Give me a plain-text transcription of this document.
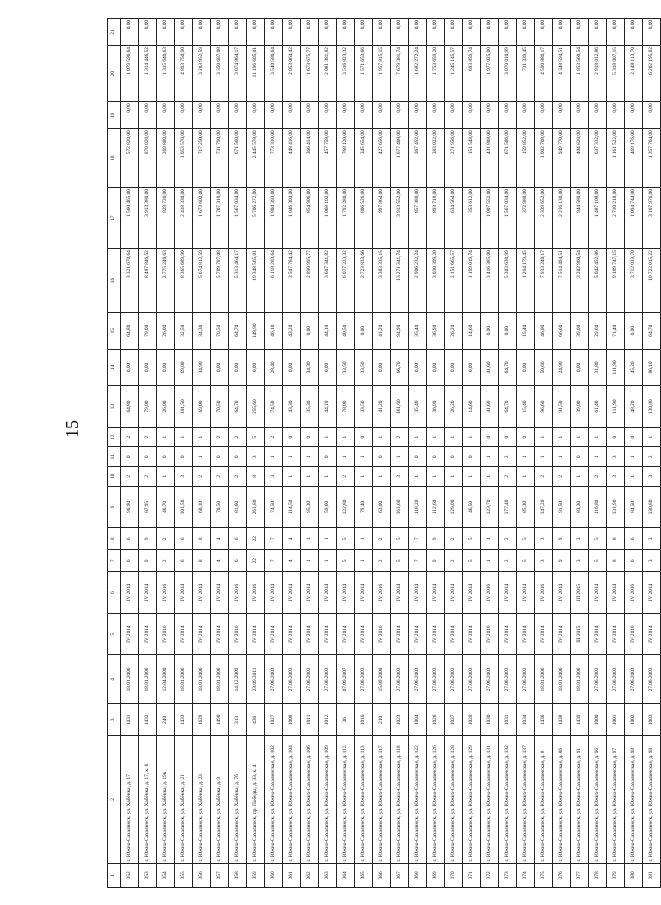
15
1	2	3	4	5	6	7	8	9	10	11	12	13	14	15	16	17	18	19	20	21
352	г. Южно-Сахалинск, ул. Хабёнка, д. 17	1431	18.01.2006	IV 2014	IV 2014	6	6	96,90	2	0	2	64,80	0,00	64,80	3 321 670,64	1 560 465,00	572 820,00	0,00	1 079 596,64	0,00
353	г. Южно-Сахалинск, ул. Хабёнка, д. 17, к. 6	1432	18.01.2006	IV 2014	IV 2014	9	9	87,95	2	0	2	79,00	0,00	79,00	8 487 846,52	3 913 380,00	870 020,00	0,00	1 314 446,52	0,00
354	г. Южно-Сахалинск, ул. Хабёнка, д. 19в	240	12.04.2000	IV 2016	IV 2016	2	2	46,70	1	0	1	26,00	0,00	26,00	2 775 240,63	829 720,00	269 880,00	0,00	1 315 640,63	0,00
355	г. Южно-Сахалинск, ул. Хабёнка, д. 21	1433	18.01.2006	IV 2014	IV 2014	6	6	101,50	3	0	1	101,50	69,00	32,50	8 365 689,90	2 418 330,00	1 053 570,00	0,00	4 893 750,90	0,00
356	г. Южно-Сахалинск, ул. Хабёнка, д. 23	1629	18.01.2006	IV 2014	IV 2014	8	8	60,10	2	1	1	69,00	34,90	34,30	5 674 812,59	1 673 602,00	717 250,00	0,00	3 283 952,59	0,00
357	г. Южно-Сахалинск, ул. Хабёнка, д. 9	1490	18.01.2006	IV 2014	IV 2014	4	4	70,50	2	0	2	70,50	0,00	70,50	5 789 787,08	1 707 310,00	731 790,00	0,00	3 350 687,08	0,00
358	г. Южно-Сахалинск, ул. Хабёнка, д. 7б	313	14.12.2009	IV 2016	IV 2016	6	6	81,60	2	0	2	64,70	0,00	64,70	5 313 464,17	1 567 034,00	671 560,00	0,00	3 074 864,17	0,00
359	г. Южно-Сахалинск, пр. Победы, д. 33, к. 4	436	23.09.2011	IV 2014	IV 2016	22	22	261,80	8	3	5	255,60	0,00	149,90	19 348 565,01	5 706 272,00	2 445 578,00	0,00	11 196 605,01	0,00
360	г. Южно-Сахалинск, ул. Южно-Сахалинская, д. 102	1027	27.06.2003	IV 2014	IV 2014	7	7	74,50	3	1	2	74,50	28,40	46,10	6 118 283,64	1 804 393,00	773 310,00	0,00	3 540 580,64	0,00
361	г. Южно-Сахалинск, ул. Южно-Сахалинская, д. 104	1008	27.06.2003	IV 2014	IV 2014	4	4	114,50	1	1	0	43,30	0,00	43,20	3 547 784,42	1 046 304,00	448 416,00	0,00	2 053 064,42	0,00
362	г. Южно-Сахалинск, ул. Южно-Сахалинская, д. 106	1011	27.06.2003	IV 2014	IV 2014	1	1	95,30	1	1	0	35,30	34,30	0,00	2 890 995,77	854 906,00	366 414,00	0,00	1 673 675,77	0,00
363	г. Южно-Сахалинск, ул. Южно-Сахалинская, д. 109	1012	27.06.2003	IV 2014	IV 2014	1	1	59,60	1	0	1	44,10	0,00	44,10	3 607 341,82	1 068 102,00	457 758,00	0,00	2 081 381,82	0,00
364	г. Южно-Сахалинск, ул. Южно-Сахалинская, д. 112	36	07.09.2007	IV 2014	IV 2014	5	5	122,80	2	1	1	78,00	33,50	40,50	6 077 223,32	1 792 280,00	768 120,00	0,00	3 516 823,32	0,00
365	г. Южно-Сахалинск, ул. Южно-Сахалинская, д. 113	1016	27.06.2003	IV 2014	IV 2014	1	1	79,40	1	1	0	33,50	33,50	0,00	2 723 833,66	806 526,00	345 654,00	0,00	1 571 653,66	0,00
366	г. Южно-Сахалинск, ул. Южно-Сахалинская, д. 117	210	15.09.2008	IV 2016	IV 2016	2	2	63,00	1	0	1	41,20	0,00	41,20	3 383 335,15	997 864,00	427 656,00	0,00	1 957 815,15	0,00
367	г. Южно-Сахалинск, ул. Южно-Сахалинская, д. 118	1023	27.06.2003	IV 2014	IV 2014	5	5	161,60	3	1	2	161,60	66,70	94,90	13 271 341,74	3 913 552,00	1 677 408,00	0,00	7 679 381,74	0,00
368	г. Южно-Сахалинск, ул. Южно-Сахалинская, д. 122	1004	27.06.2003	IV 2014	IV 2014	7	7	118,20	1	0	1	35,40	0,00	35,40	2 906 232,24	857 388,00	367 452,00	0,00	1 682 272,24	0,00
369	г. Южно-Сахалинск, ул. Южно-Сахалинская, д. 126	1026	27.06.2003	IV 2014	IV 2014	9	9	112,60	1	0	1	36,90	0,00	36,90	3 030 399,20	893 718,00	383 022,00	0,00	1 753 659,20	0,00
370	г. Южно-Сахалинск, ул. Южно-Сахалинская, д. 128	1027	27.06.2003	IV 2014	IV 2014	2	2	129,00	1	0	1	26,20	0,00	26,20	2 151 665,57	634 564,00	271 956,00	0,00	1 245 145,57	0,00
371	г. Южно-Сахалинск, ул. Южно-Сахалинская, д. 129	1028	27.06.2003	IV 2014	IV 2014	5	5	46,50	1	0	1	14,60	0,00	14,60	1 199 019,74	353 612,00	151 548,00	0,00	693 859,74	0,00
372	г. Южно-Сахалинск, ул. Южно-Сахалинская, д. 131	1030	27.06.2003	IV 2016	IV 2016	1	1	123,70	1	1	0	41,60	41,60	0,00	3 416 385,00	1 007 552,00	431 808,00	0,00	1 977 025,00	0,00
373	г. Южно-Сахалинск, ул. Южно-Сахалинская, д. 132	1031	27.06.2003	IV 2014	IV 2014	2	2	177,40	2	2	0	64,70	64,70	0,00	5 303 630,99	1 567 034,00	671 586,00	0,00	3 070 010,99	0,00
374	г. Южно-Сахалинск, ул. Южно-Сахалинская, д. 137	1034	27.06.2003	IV 2014	IV 2014	5	5	85,30	1	1	0	15,40	0,00	15,40	1 264 179,45	372 988,00	159 852,00	0,00	731 339,45	0,00
375	г. Южно-Сахалинск, ул. Южно-Сахалинская, д. 8	1436	18.01.2006	IV 2014	IV 2016	3	3	147,20	2	1	1	96,60	50,60	46,00	7 933 240,17	2 339 652,00	1 002 708,00	0,00	4 590 880,17	0,00
376	г. Южно-Сахалинск, ул. Южно-Сахалинская, д. 86	1438	18.01.2006	IV 2014	IV 2014	9	9	91,50	2	1	1	91,50	24,90	66,60	7 514 494,51	2 216 130,00	949 770,00	0,00	4 348 594,51	0,00
377	г. Южно-Сахалинск, ул. Южно-Сахалинская, д. 91	1439	18.01.2006	III 2015	III 2015	3	3	83,30	1	0	1	39,00	0,00	39,00	3 202 960,54	944 580,00	404 820,00	0,00	1 853 560,54	0,00
378	г. Южно-Сахалинск, ул. Южно-Сахалинская, д. 96	1000	27.06.2003	IV 2014	IV 2014	5	5	116,80	2	1	1	61,40	31,80	29,60	5 042 452,86	1 487 108,00	637 332,00	0,00	2 918 012,86	0,00
379	г. Южно-Сахалинск, ул. Южно-Сахалинская, д. 97	1001	27.06.2003	IV 2014	IV 2014	8	8	131,90	3	3	0	111,90	111,90	71,40	9 189 747,15	2 710 218,00	1 161 522,00	0,00	5 318 007,15	0,00
380	г. Южно-Сахалинск, ул. Южно-Сахалинская, д. 98	1002	27.06.2003	IV 2016	IV 2016	6	6	84,50	1	1	0	48,20	45,20	0,00	3 712 033,70	1 094 744,00	469 176,00	0,00	2 148 113,70	0,00
381	г. Южно-Сахалинск, ул. Южно-Сахалинская, д. 98	1003	27.06.2003	IV 2014	IV 2014	3	3	130,80	3	2	1	130,80	86,10	64,70	10 722 015,22	3 167 976,00	1 357 704,00	0,00	6 202 195,82	0,00
